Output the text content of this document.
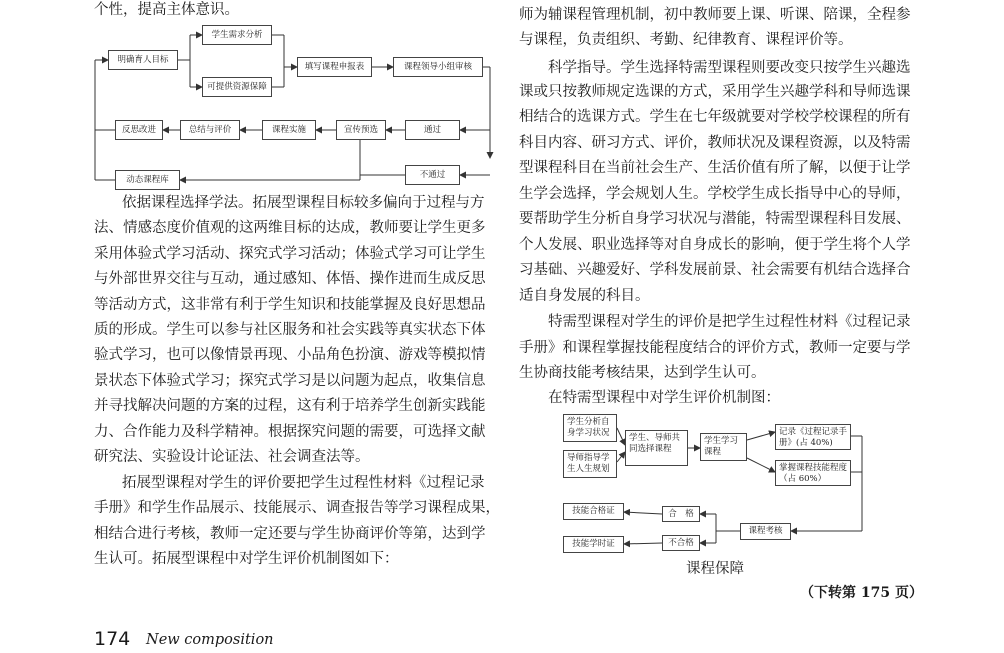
个性，提高主体意识。

明确育人目标
学生需求分析
可提供资源保障
填写课程申报表	课程领导小组审核
通过
宣传预选
课程实施
总结与评价
反思改进
不通过
动态课程库

依据课程选择学法。拓展型课程目标较多偏向于过程与方

法、情感态度价值观的这两维目标的达成，教师要让学生更多

采用体验式学习活动、探究式学习活动；体验式学习可让学生

与外部世界交往与互动，通过感知、体悟、操作进而生成反思

等活动方式，这非常有利于学生知识和技能掌握及良好思想品

质的形成。学生可以参与社区服务和社会实践等真实状态下体

验式学习，也可以像情景再现、小品角色扮演、游戏等模拟情

景状态下体验式学习；探究式学习是以问题为起点，收集信息

并寻找解决问题的方案的过程，这有利于培养学生创新实践能

力、合作能力及科学精神。根据探究问题的需要，可选择文献

研究法、实验设计论证法、社会调查法等。

拓展型课程对学生的评价要把学生过程性材料《过程记录

手册》和学生作品展示、技能展示、调查报告等学习课程成果，

相结合进行考核，教师一定还要与学生协商评价等第，达到学

生认可。拓展型课程中对学生评价机制图如下：

师为辅课程管理机制，初中教师要上课、听课、陪课，全程参

与课程，负责组织、考勤、纪律教育、课程评价等。

科学指导。学生选择特需型课程则要改变只按学生兴趣选

课或只按教师规定选课的方式，采用学生兴趣学科和导师选课

相结合的选课方式。学生在七年级就要对学校学校课程的所有

科目内容、研习方式、评价，教师状况及课程资源，以及特需

型课程科目在当前社会生产、生活价值有所了解，以便于让学

生学会选择，学会规划人生。学校学生成长指导中心的导师，

要帮助学生分析自身学习状况与潜能，特需型课程科目发展、

个人发展、职业选择等对自身成长的影响，便于学生将个人学

习基础、兴趣爱好、学科发展前景、社会需要有机结合选择合

适自身发展的科目。

特需型课程对学生的评价是把学生过程性材料《过程记录

手册》和课程掌握技能程度结合的评价方式，教师一定要与学

生协商技能考核结果，达到学生认可。

在特需型课程中对学生评价机制图：

学生分析自身学习状况
导师指导学生人生规划
学生、导师共同选择课程
学生学习课程
记录《过程记录手册》(占 40%)
掌握课程技能程度（占 60%）
课程考核
合　格
不合格
技能合格证
技能学时证
课程保障
（下转第 175 页）
174 New composition
